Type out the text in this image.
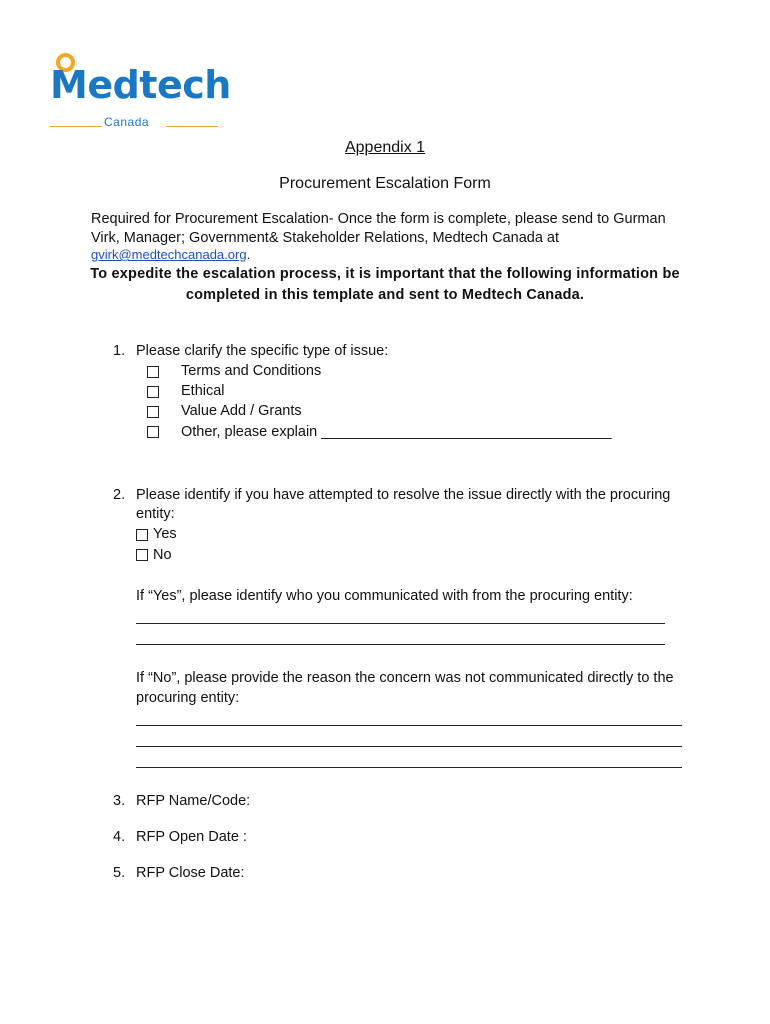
Medtech
Canada
Appendix 1
Procurement Escalation Form
Required for Procurement Escalation- Once the form is complete, please send to Gurman
Virk, Manager; Government& Stakeholder Relations, Medtech Canada at
gvirk@medtechcanada.org.
To expedite the escalation process, it is important that the following information be
completed in this template and sent to Medtech Canada.
1. Please clarify the specific type of issue:
Terms and Conditions
Ethical
Value Add / Grants
Other, please explain ____________________________________
2. Please identify if you have attempted to resolve the issue directly with the procuring
entity:
Yes
No
If “Yes”, please identify who you communicated with from the procuring entity:
If “No”, please provide the reason the concern was not communicated directly to the
procuring entity:
3. RFP Name/Code:
4. RFP Open Date :
5. RFP Close Date:
